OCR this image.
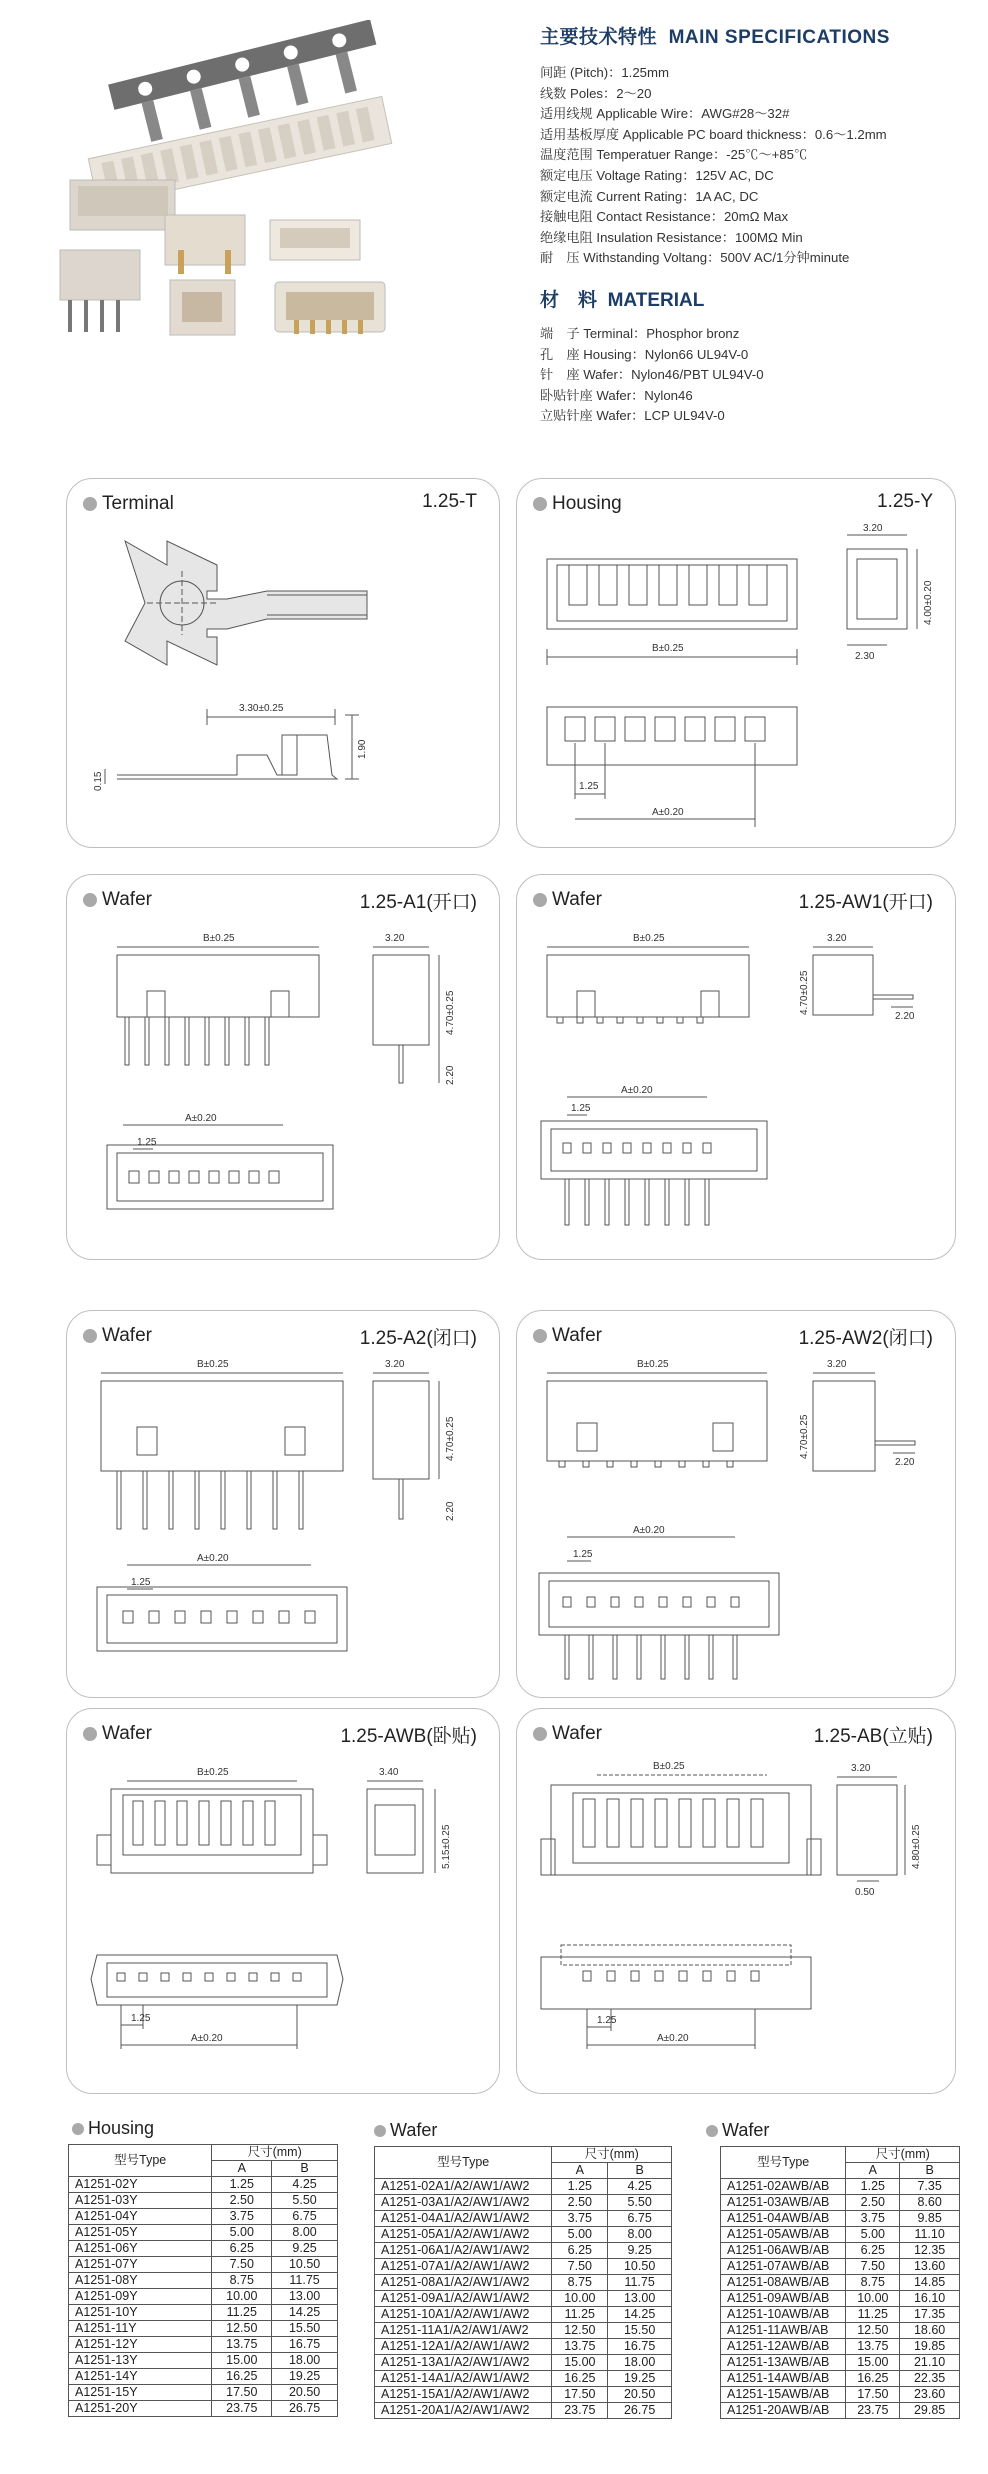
主要技术特性 MAIN SPECIFICATIONS
间距 (Pitch)：1.25mm
线数 Poles：2～20
适用线规 Applicable Wire：AWG#28～32#
适用基板厚度 Applicable PC board thickness：0.6～1.2mm
温度范围 Temperatuer Range：-25℃～+85℃
额定电压 Voltage Rating：125V AC, DC
额定电流 Current Rating：1A AC, DC
接触电阻 Contact Resistance：20mΩ Max
绝缘电阻 Insulation Resistance：100MΩ Min
耐　压 Withstanding Voltang：500V AC/1分钟minute
材　料 MATERIAL
端　子 Terminal：Phosphor bronz
孔　座 Housing：Nylon66 UL94V-0
针　座 Wafer：Nylon46/PBT UL94V-0
卧贴针座 Wafer：Nylon46
立贴针座 Wafer：LCP UL94V-0
3.30±0.25
0.15
1.90
Terminal	1.25-T
B±0.25
3.20
4.00±0.20
2.30
1.25
A±0.20
Housing	1.25-Y
B±0.25	3.20
4.70±0.25
2.20
A±0.20
1.25
Wafer	1.25-A1(开口)
B±0.25	3.20
4.70±0.25
2.20
A±0.20
1.25
Wafer	1.25-AW1(开口)
B±0.25	3.20
4.70±0.25
2.20
A±0.20
1.25
Wafer	1.25-A2(闭口)
B±0.25	3.20
4.70±0.25
2.20
A±0.20
1.25
Wafer	1.25-AW2(闭口)
B±0.25	3.40
5.15±0.25
1.25
A±0.20
Wafer	1.25-AWB(卧贴)
B±0.25	3.20
4.80±0.25
0.50
1.25
A±0.20
Wafer	1.25-AB(立贴)
Housing	Wafer	Wafer
型号Type	尺寸(mm)	
	A	B
A1251-02Y	1.25	4.25
A1251-03Y	2.50	5.50
A1251-04Y	3.75	6.75
A1251-05Y	5.00	8.00
A1251-06Y	6.25	9.25
A1251-07Y	7.50	10.50
A1251-08Y	8.75	11.75
A1251-09Y	10.00	13.00
A1251-10Y	11.25	14.25
A1251-11Y	12.50	15.50
A1251-12Y	13.75	16.75
A1251-13Y	15.00	18.00
A1251-14Y	16.25	19.25
A1251-15Y	17.50	20.50
A1251-20Y	23.75	26.75
型号Type	尺寸(mm)	
	A	B
A1251-02A1/A2/AW1/AW2	1.25	4.25
A1251-03A1/A2/AW1/AW2	2.50	5.50
A1251-04A1/A2/AW1/AW2	3.75	6.75
A1251-05A1/A2/AW1/AW2	5.00	8.00
A1251-06A1/A2/AW1/AW2	6.25	9.25
A1251-07A1/A2/AW1/AW2	7.50	10.50
A1251-08A1/A2/AW1/AW2	8.75	11.75
A1251-09A1/A2/AW1/AW2	10.00	13.00
A1251-10A1/A2/AW1/AW2	11.25	14.25
A1251-11A1/A2/AW1/AW2	12.50	15.50
A1251-12A1/A2/AW1/AW2	13.75	16.75
A1251-13A1/A2/AW1/AW2	15.00	18.00
A1251-14A1/A2/AW1/AW2	16.25	19.25
A1251-15A1/A2/AW1/AW2	17.50	20.50
A1251-20A1/A2/AW1/AW2	23.75	26.75
型号Type	尺寸(mm)	
	A	B
A1251-02AWB/AB	1.25	7.35
A1251-03AWB/AB	2.50	8.60
A1251-04AWB/AB	3.75	9.85
A1251-05AWB/AB	5.00	11.10
A1251-06AWB/AB	6.25	12.35
A1251-07AWB/AB	7.50	13.60
A1251-08AWB/AB	8.75	14.85
A1251-09AWB/AB	10.00	16.10
A1251-10AWB/AB	11.25	17.35
A1251-11AWB/AB	12.50	18.60
A1251-12AWB/AB	13.75	19.85
A1251-13AWB/AB	15.00	21.10
A1251-14AWB/AB	16.25	22.35
A1251-15AWB/AB	17.50	23.60
A1251-20AWB/AB	23.75	29.85
